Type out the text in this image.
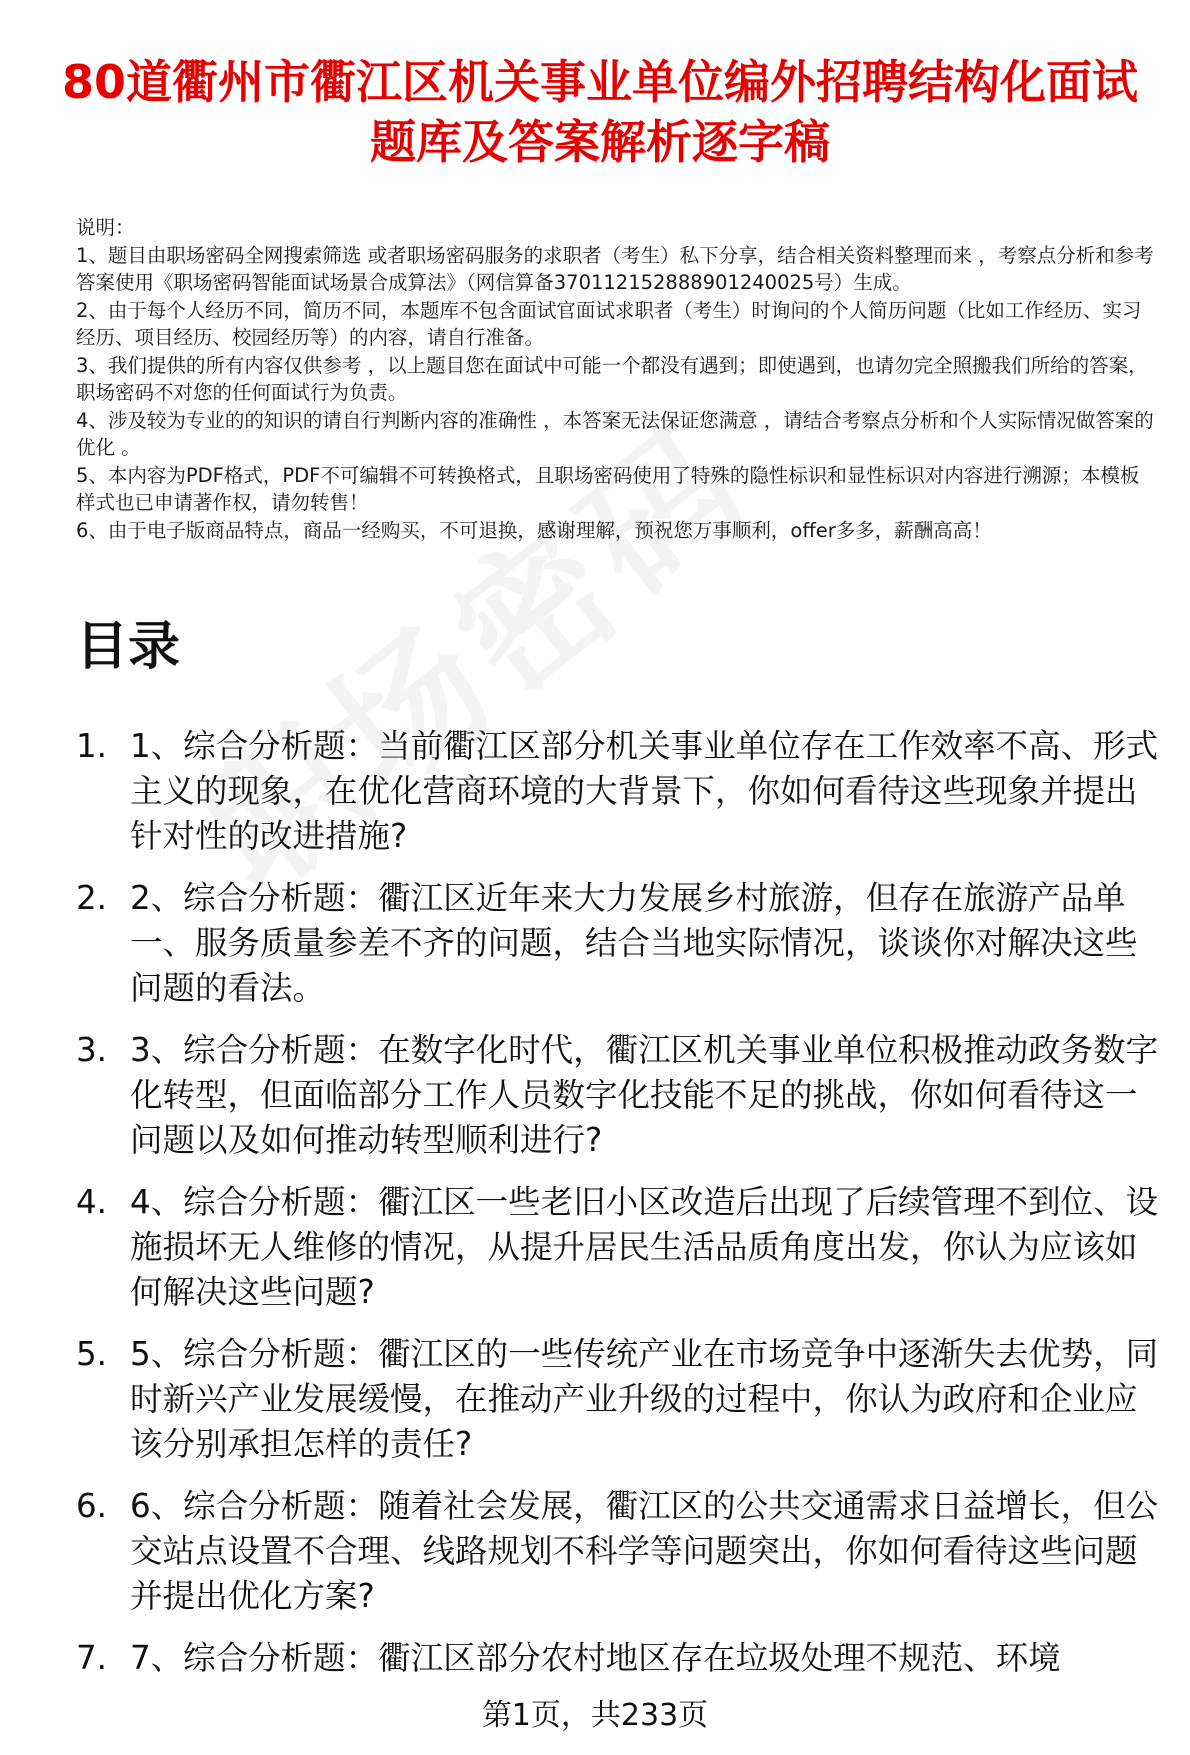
80道衢州市衢江区机关事业单位编外招聘结构化面试题库及答案解析逐字稿
说明：
1、题目由职场密码全网搜索筛选 或者职场密码服务的求职者（考生）私下分享，结合相关资料整理而来 ，考察点分析和参考答案使用《职场密码智能面试场景合成算法》（网信算备370112152888901240025号）生成。
2、由于每个人经历不同，简历不同，本题库不包含面试官面试求职者（考生）时询问的个人简历问题（比如工作经历、实习经历、项目经历、校园经历等）的内容，请自行准备。
3、我们提供的所有内容仅供参考 ，以上题目您在面试中可能一个都没有遇到；即使遇到，也请勿完全照搬我们所给的答案，职场密码不对您的任何面试行为负责。
4、涉及较为专业的的知识的请自行判断内容的准确性 ，本答案无法保证您满意 ，请结合考察点分析和个人实际情况做答案的优化 。
5、本内容为PDF格式，PDF不可编辑不可转换格式，且职场密码使用了特殊的隐性标识和显性标识对内容进行溯源；本模板样式也已申请著作权，请勿转售！
6、由于电子版商品特点，商品一经购买，不可退换，感谢理解，预祝您万事顺利，offer多多，薪酬高高！
目录
1. 1、综合分析题：当前衢江区部分机关事业单位存在工作效率不高、形式主义的现象，在优化营商环境的大背景下，你如何看待这些现象并提出针对性的改进措施?
2. 2、综合分析题：衢江区近年来大力发展乡村旅游，但存在旅游产品单一、服务质量参差不齐的问题，结合当地实际情况，谈谈你对解决这些问题的看法。
3. 3、综合分析题：在数字化时代，衢江区机关事业单位积极推动政务数字化转型，但面临部分工作人员数字化技能不足的挑战，你如何看待这一问题以及如何推动转型顺利进行?
4. 4、综合分析题：衢江区一些老旧小区改造后出现了后续管理不到位、设施损坏无人维修的情况，从提升居民生活品质角度出发，你认为应该如何解决这些问题?
5. 5、综合分析题：衢江区的一些传统产业在市场竞争中逐渐失去优势，同时新兴产业发展缓慢，在推动产业升级的过程中，你认为政府和企业应该分别承担怎样的责任?
6. 6、综合分析题：随着社会发展，衢江区的公共交通需求日益增长，但公交站点设置不合理、线路规划不科学等问题突出，你如何看待这些问题并提出优化方案?
7. 7、综合分析题：衢江区部分农村地区存在垃圾处理不规范、环境
第1页，共233页
